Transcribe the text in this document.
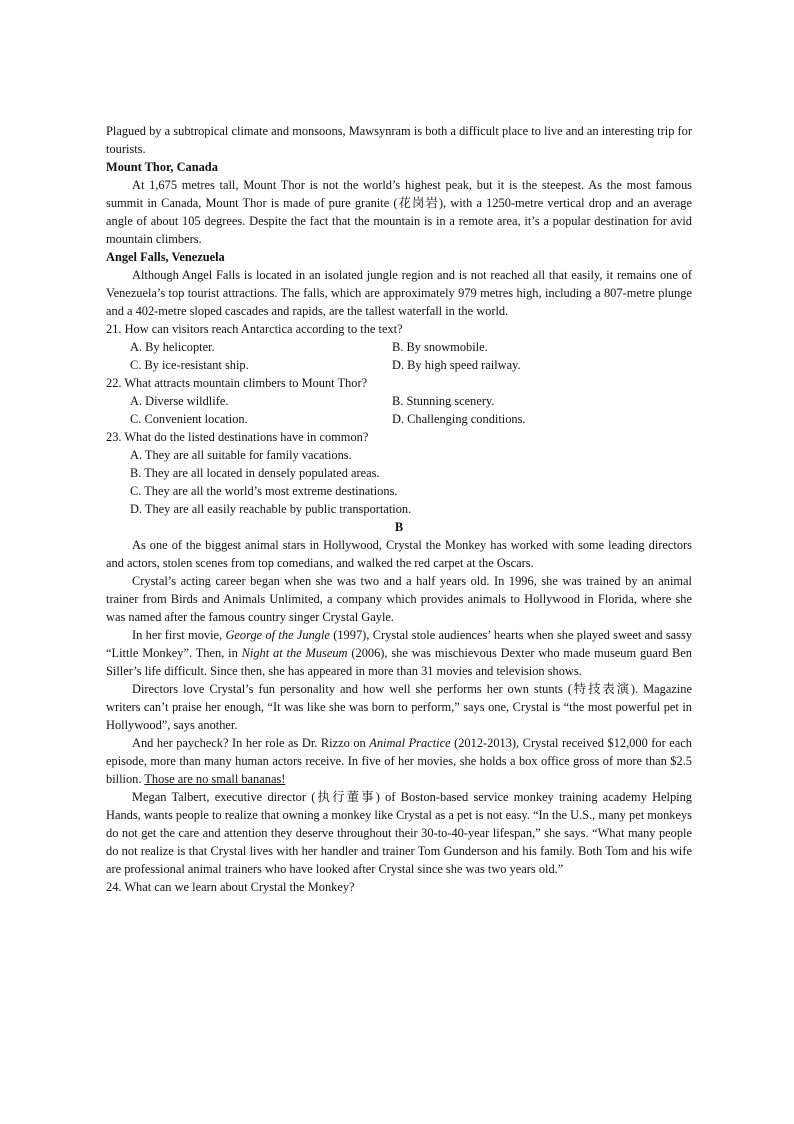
Plagued by a subtropical climate and monsoons, Mawsynram is both a difficult place to live and an interesting trip for tourists.

Mount Thor, Canada

At 1,675 metres tall, Mount Thor is not the world’s highest peak, but it is the steepest. As the most famous summit in Canada, Mount Thor is made of pure granite (花岗岩), with a 1250-metre vertical drop and an average angle of about 105 degrees. Despite the fact that the mountain is in a remote area, it’s a popular destination for avid mountain climbers.

Angel Falls, Venezuela

Although Angel Falls is located in an isolated jungle region and is not reached all that easily, it remains one of Venezuela’s top tourist attractions. The falls, which are approximately 979 metres high, including a 807-metre plunge and a 402-metre sloped cascades and rapids, are the tallest waterfall in the world.

21. How can visitors reach Antarctica according to the text?

A. By helicopter.	B. By snowmobile.

C. By ice-resistant ship.	D. By high speed railway.

22. What attracts mountain climbers to Mount Thor?

A. Diverse wildlife.	B. Stunning scenery.

C. Convenient location.	D. Challenging conditions.

23. What do the listed destinations have in common?

A. They are all suitable for family vacations.

B. They are all located in densely populated areas.

C. They are all the world’s most extreme destinations.

D. They are all easily reachable by public transportation.

B

As one of the biggest animal stars in Hollywood, Crystal the Monkey has worked with some leading directors and actors, stolen scenes from top comedians, and walked the red carpet at the Oscars.

Crystal’s acting career began when she was two and a half years old. In 1996, she was trained by an animal trainer from Birds and Animals Unlimited, a company which provides animals to Hollywood in Florida, where she was named after the famous country singer Crystal Gayle.

In her first movie, George of the Jungle (1997), Crystal stole audiences’ hearts when she played sweet and sassy “Little Monkey”. Then, in Night at the Museum (2006), she was mischievous Dexter who made museum guard Ben Siller’s life difficult. Since then, she has appeared in more than 31 movies and television shows.

Directors love Crystal’s fun personality and how well she performs her own stunts (特技表演). Magazine writers can’t praise her enough, “It was like she was born to perform,” says one, Crystal is “the most powerful pet in Hollywood”, says another.

And her paycheck? In her role as Dr. Rizzo on Animal Practice (2012-2013), Crystal received $12,000 for each episode, more than many human actors receive. In five of her movies, she holds a box office gross of more than $2.5 billion. Those are no small bananas!

Megan Talbert, executive director (执行董事) of Boston-based service monkey training academy Helping Hands, wants people to realize that owning a monkey like Crystal as a pet is not easy. “In the U.S., many pet monkeys do not get the care and attention they deserve throughout their 30-to-40-year lifespan,” she says. “What many people do not realize is that Crystal lives with her handler and trainer Tom Gunderson and his family. Both Tom and his wife are professional animal trainers who have looked after Crystal since she was two years old.”

24. What can we learn about Crystal the Monkey?
